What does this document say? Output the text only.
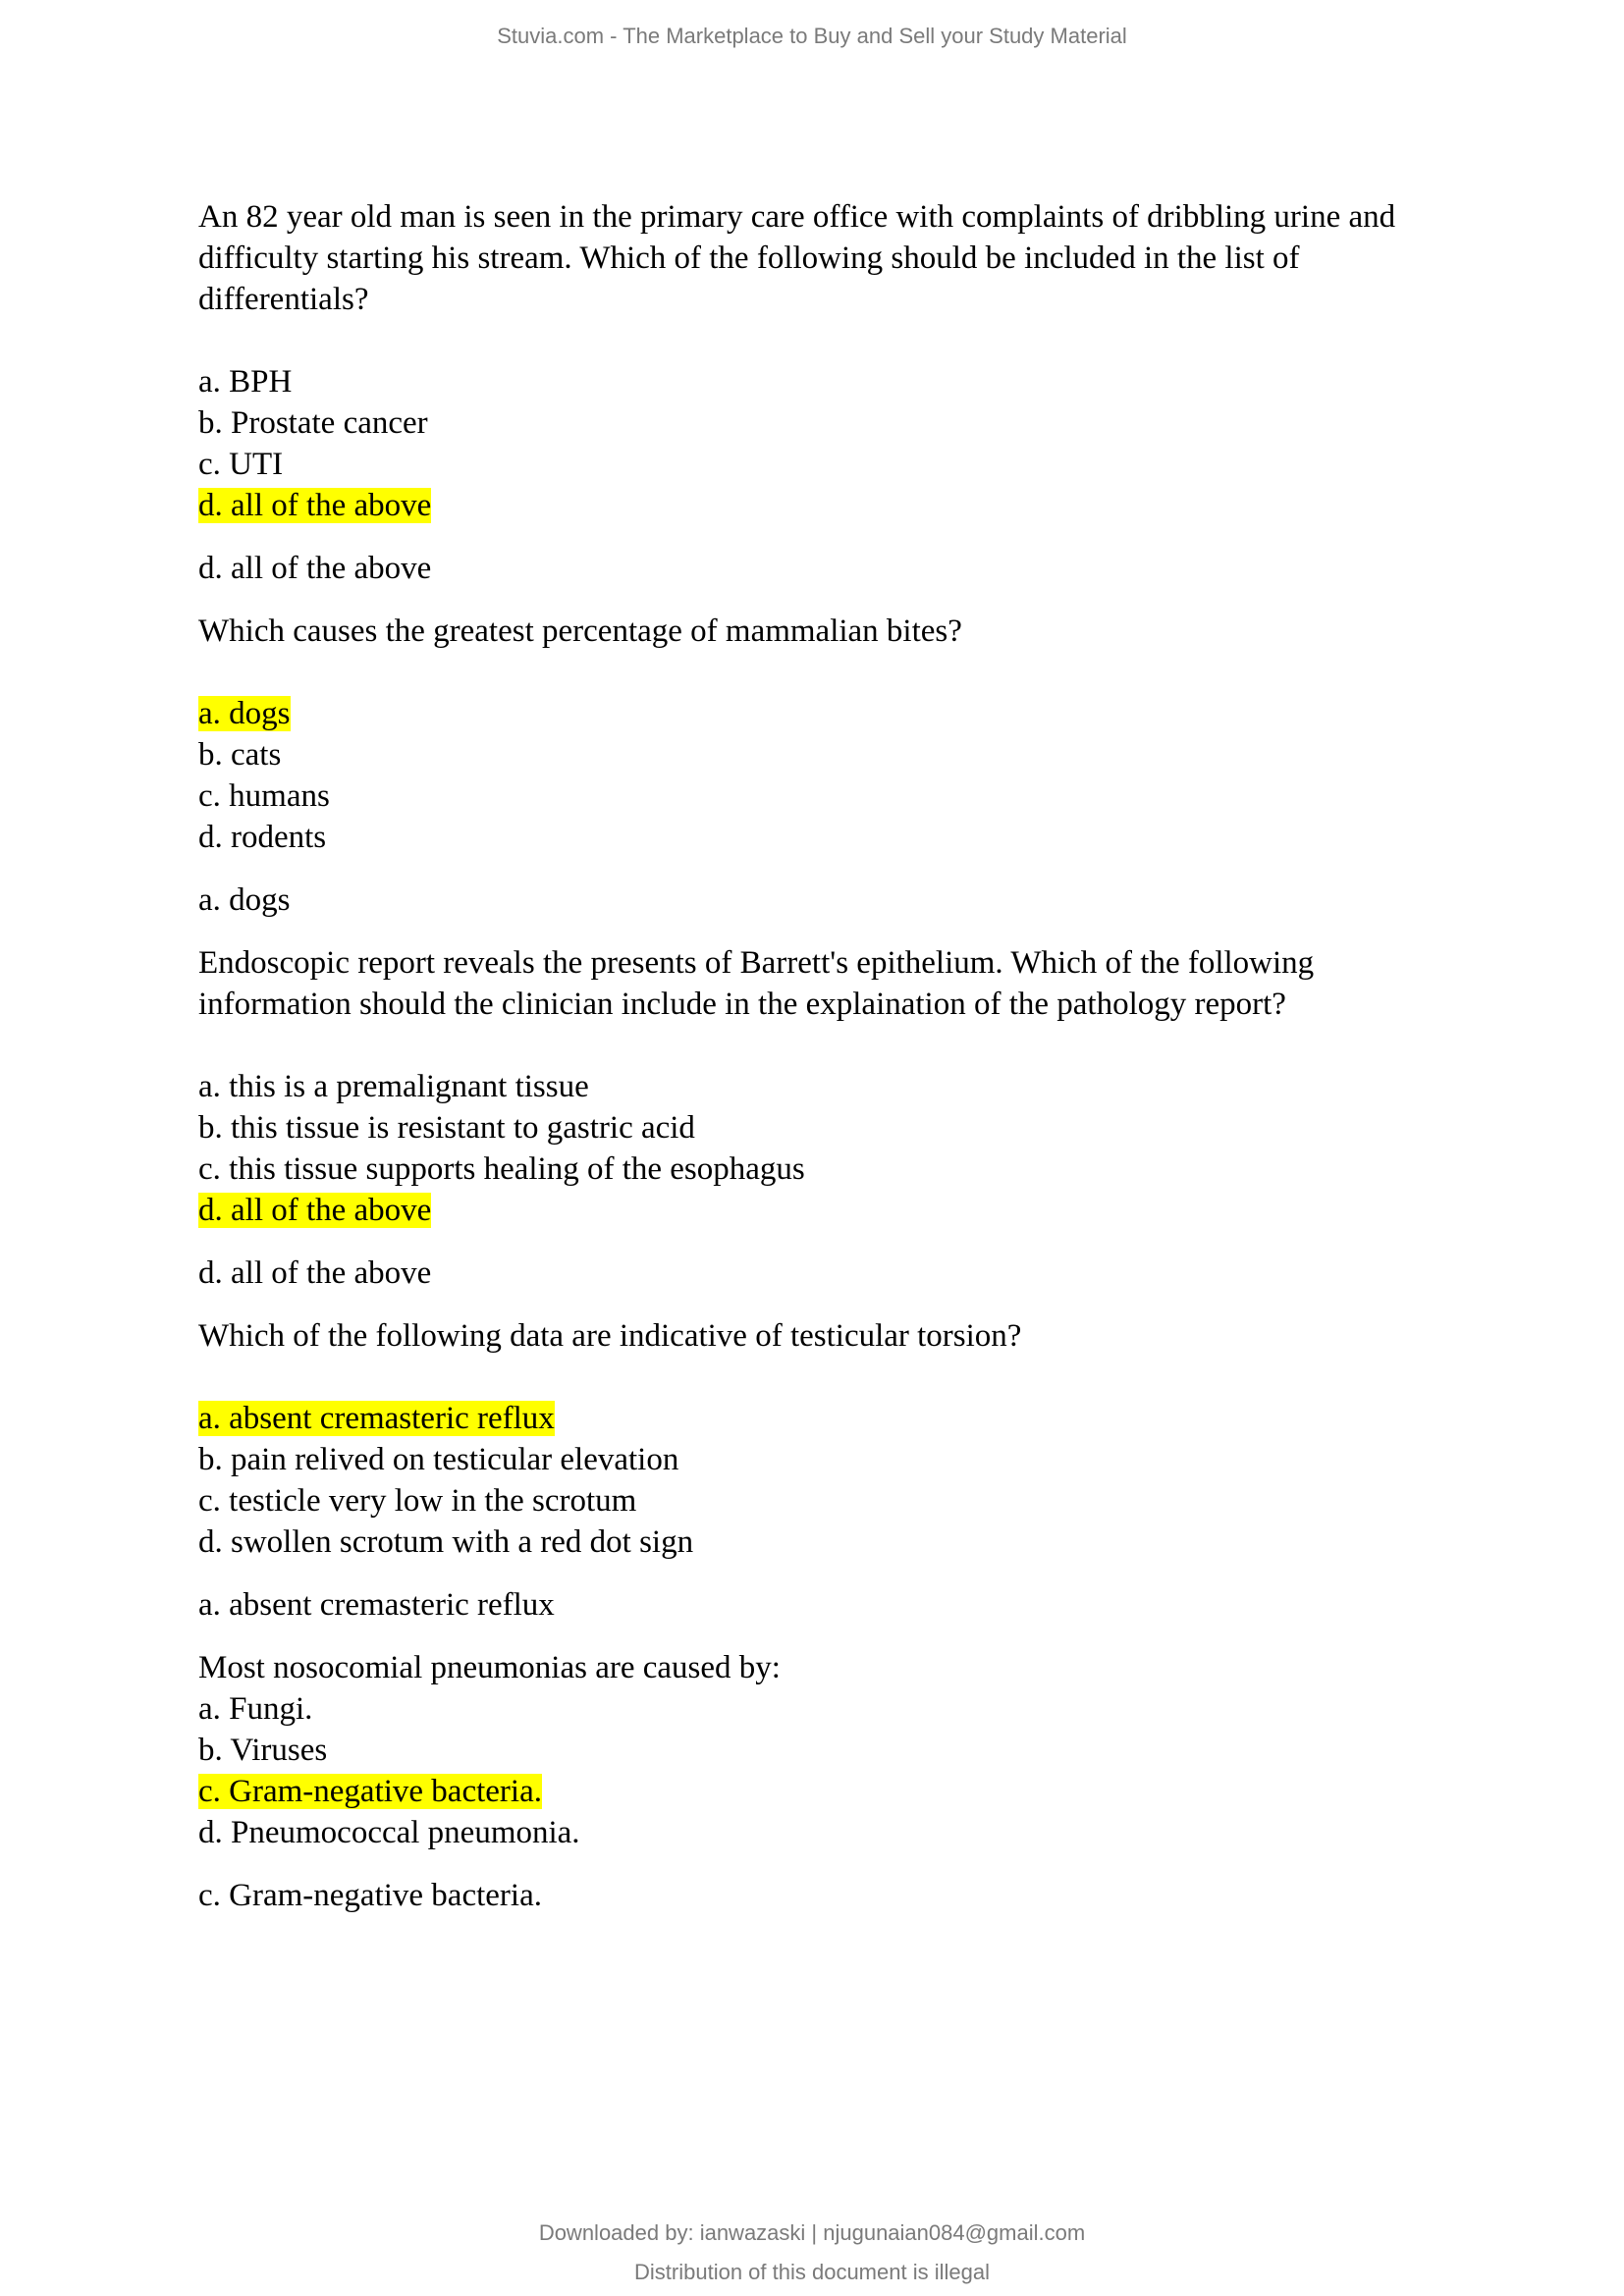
Stuvia.com - The Marketplace to Buy and Sell your Study Material

An 82 year old man is seen in the primary care office with complaints of dribbling urine and difficulty starting his stream. Which of the following should be included in the list of differentials?

a. BPH
b. Prostate cancer
c. UTI
d. all of the above
d. all of the above

Which causes the greatest percentage of mammalian bites?

a. dogs
b. cats
c. humans
d. rodents
a. dogs

Endoscopic report reveals the presents of Barrett's epithelium. Which of the following information should the clinician include in the explaination of the pathology report?

a. this is a premalignant tissue
b. this tissue is resistant to gastric acid
c. this tissue supports healing of the esophagus
d. all of the above
d. all of the above

Which of the following data are indicative of testicular torsion?

a. absent cremasteric reflux
b. pain relived on testicular elevation
c. testicle very low in the scrotum
d. swollen scrotum with a red dot sign
a. absent cremasteric reflux

Most nosocomial pneumonias are caused by:

a. Fungi.
b. Viruses
c. Gram-negative bacteria.
d. Pneumococcal pneumonia.
c. Gram-negative bacteria.
Downloaded by: ianwazaski | njugunaian084@gmail.com
Distribution of this document is illegal
